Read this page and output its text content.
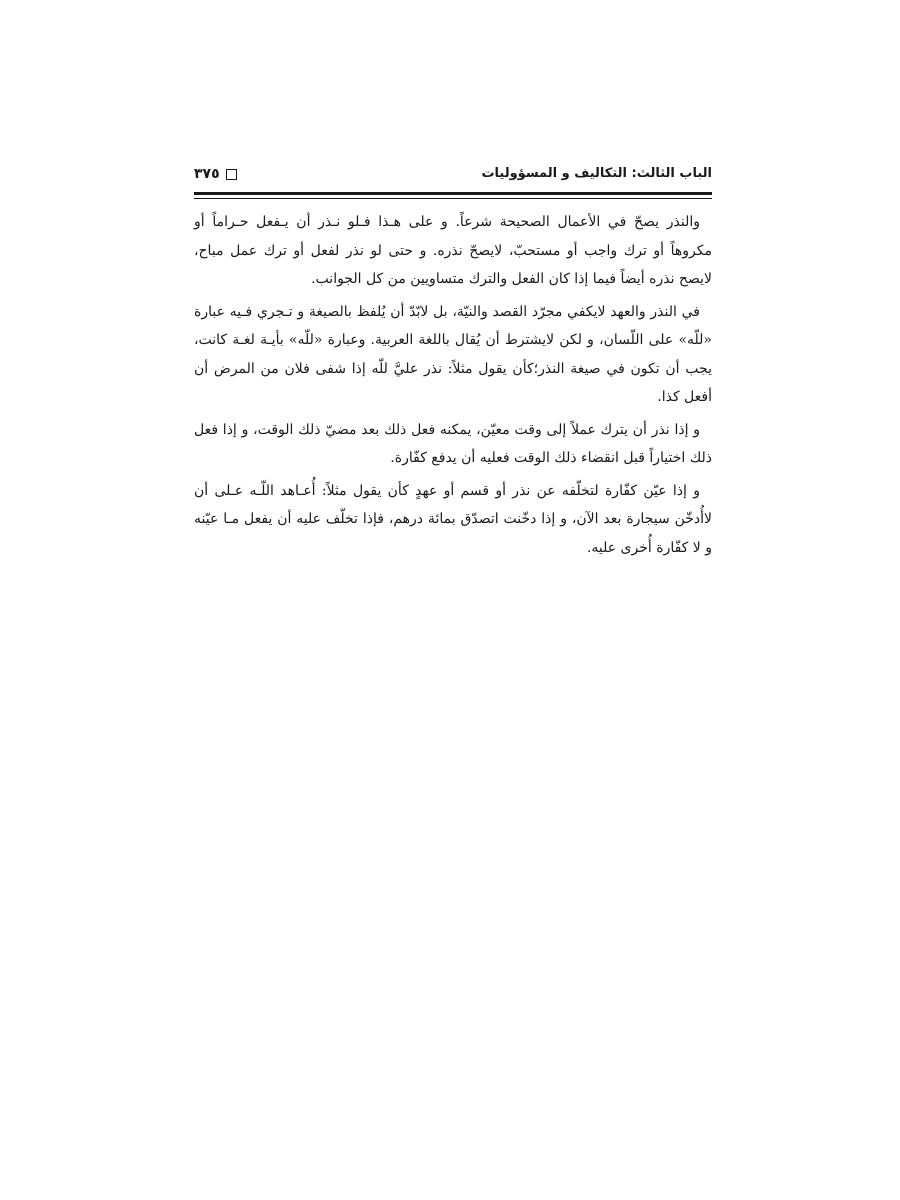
٣٧٥	الباب الثالث: التكاليف و المسؤوليات

والنذر يصحّ في الأعمال الصحيحة شرعاً. و على هـذا فـلو نـذر أن يـفعل حـراماً أو مكروهاً أو ترك واجب أو مستحبّ، لايصحّ نذره. و حتى لو نذر لفعل أو ترك عمل مباح، لايصح نذره أيضاً فيما إذا كان الفعل والترك متساويين من كل الجوانب.

في النذر والعهد لايكفي مجرّد القصد والنيّة، بل لابّدّ أن يُلفظ بالصيغة و تـجري فـيه عبارة «للّه» على اللّسان، و لكن لايشترط أن يُقال باللغة العربية. وعبارة «للّه» بأيـة لغـة كانت، يجب أن تكون في صيغة النذر؛كأن يقول مثلاً: نذر عليَّ للّه إذا شفى فلان من المرض أن أفعل كذا.

و إذا نذر أن يترك عملاً إلى وقت معيّن، يمكنه فعل ذلك بعد مضيّ ذلك الوقت، و إذا فعل ذلك اختياراً قبل انقضاء ذلك الوقت فعليه أن يدفع كفّارة.

و إذا عيّن كفّارة لتخلّفه عن نذر أو قسم أو عهدٍ كأن يقول مثلاً: أُعـاهد اللّـه عـلى أن لاأُدخّن سيجارة بعد الآن، و إذا دخّنت اتصدّق بمائة درهم، فإذا تخلّف عليه أن يفعل مـا عيّنه و لا كفّارة أُخرى عليه.
